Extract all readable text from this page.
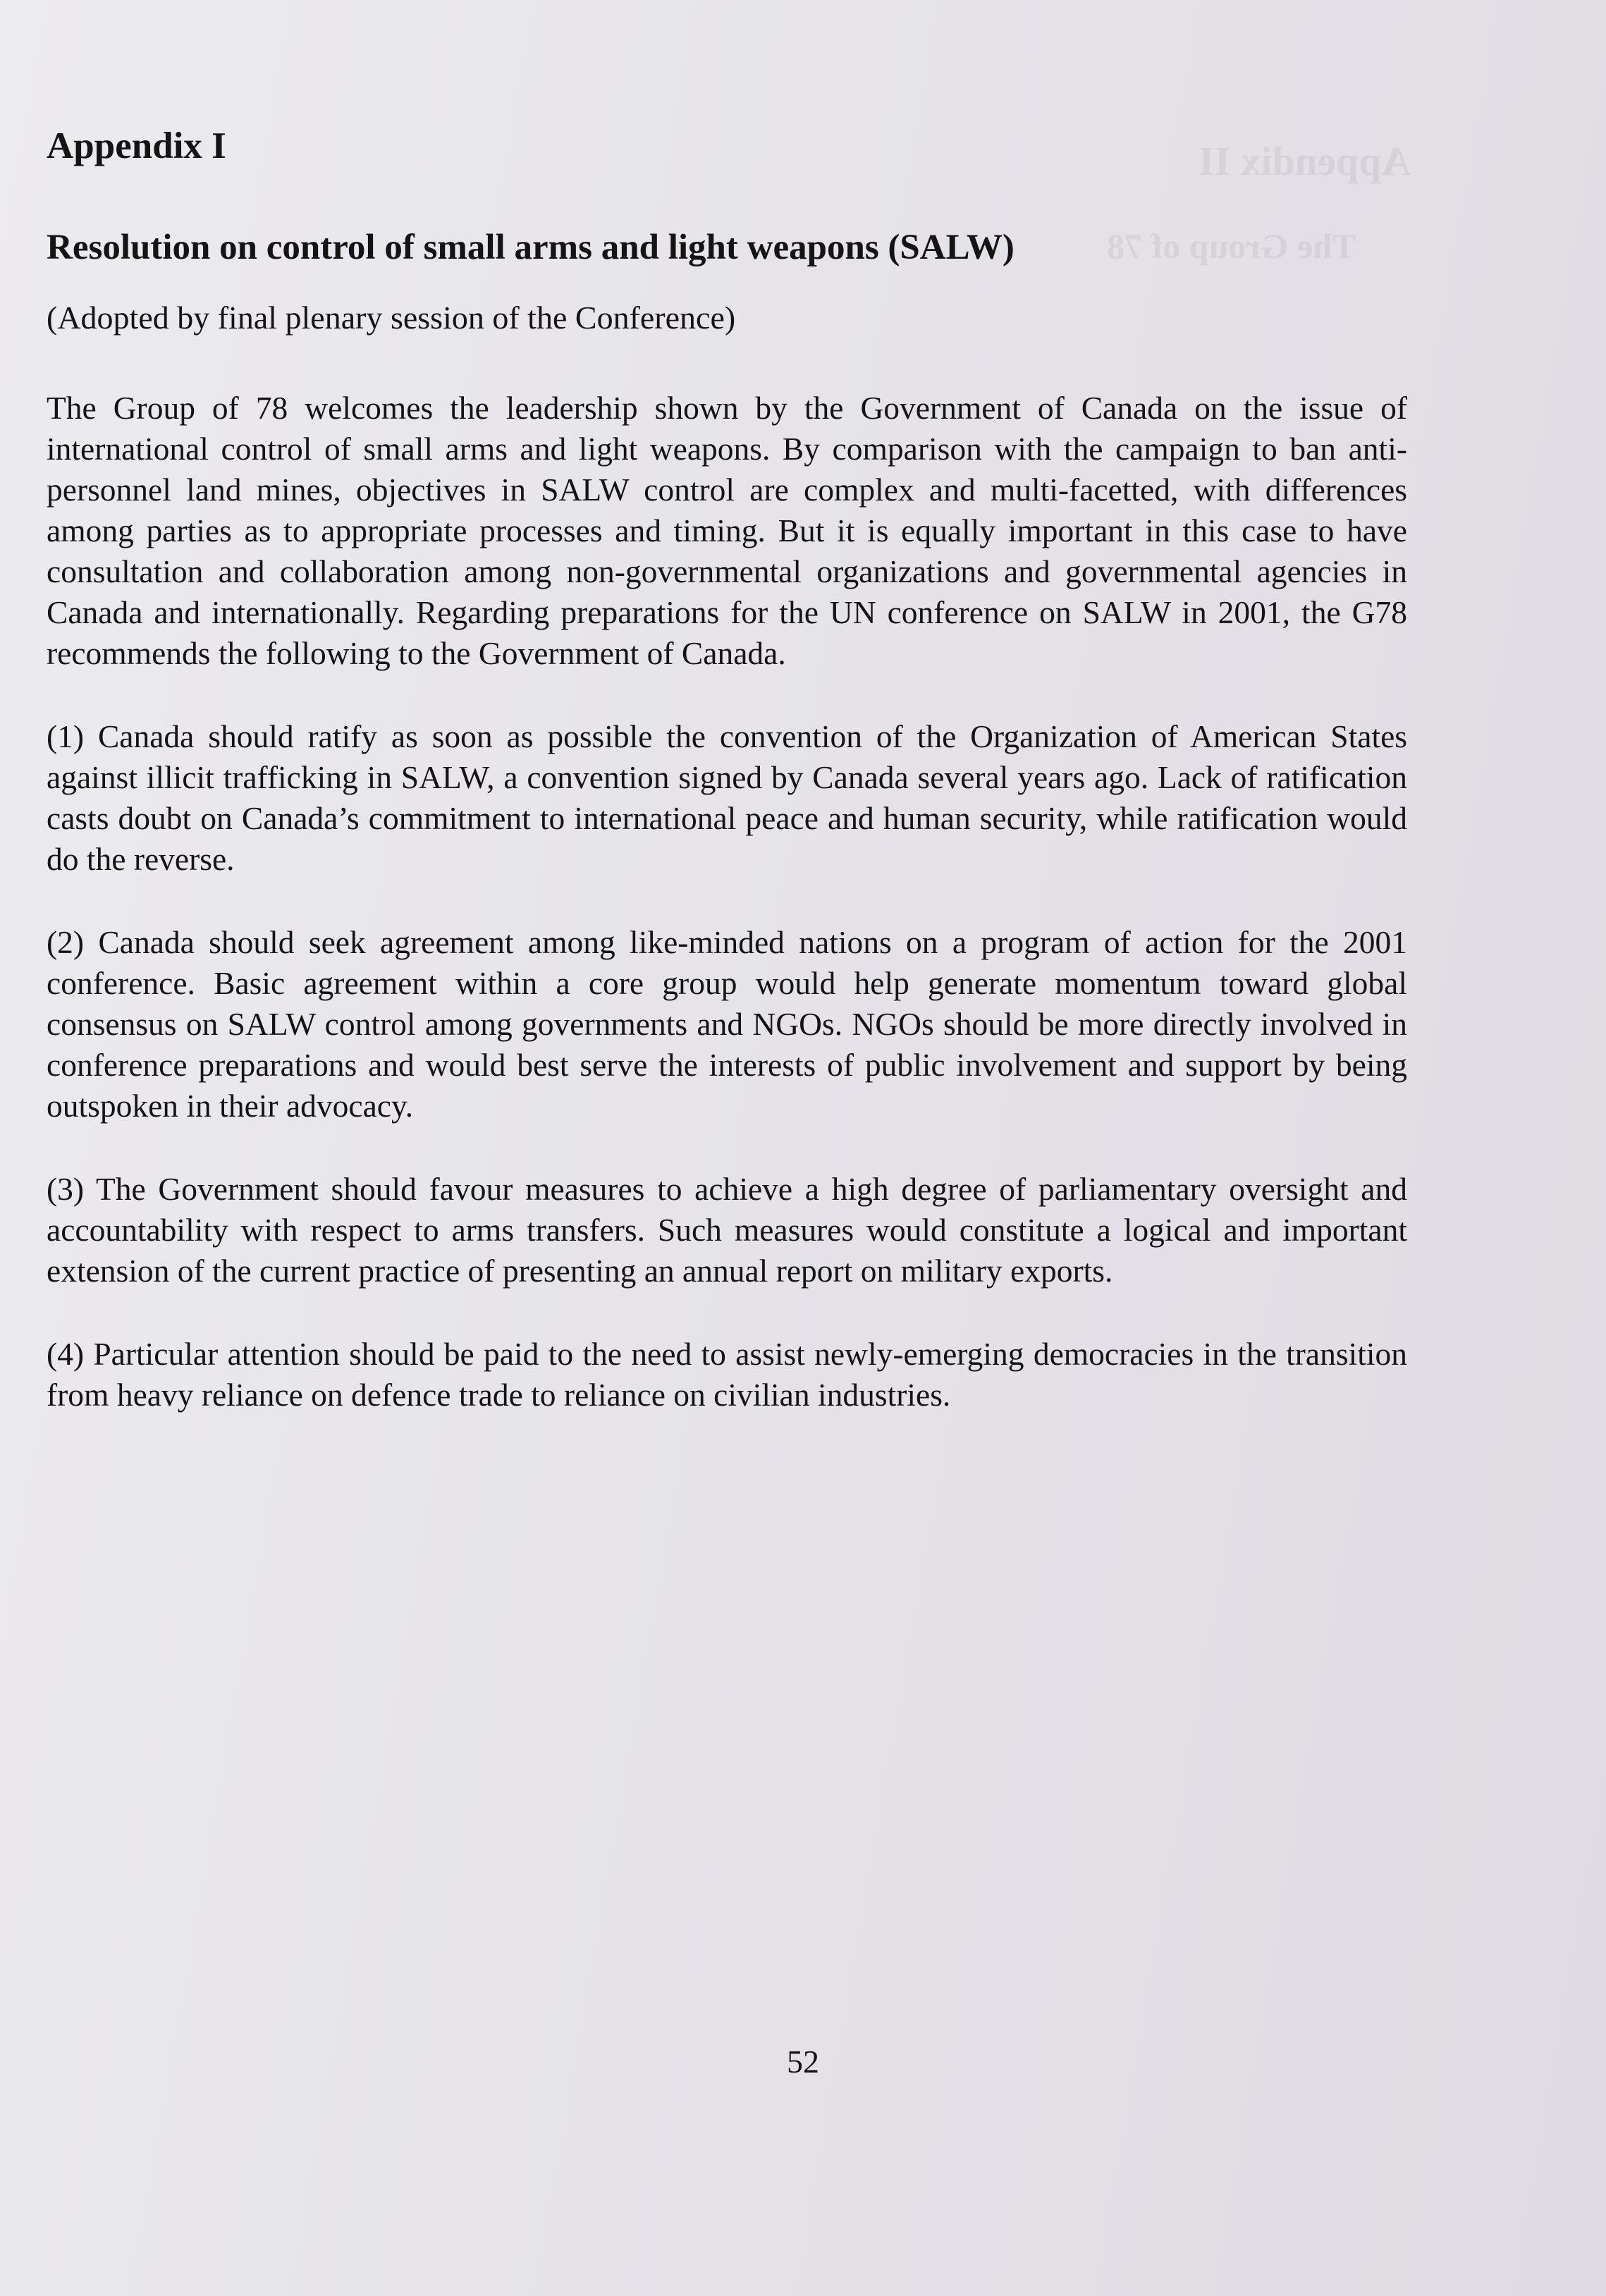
Appendix II
The Group of 78
Appendix I
Resolution on control of small arms and light weapons (SALW)

(Adopted by final plenary session of the Conference)

The Group of 78 welcomes the leadership shown by the Government of Canada on the issue of international control of small arms and light weapons. By comparison with the campaign to ban anti-personnel land mines, objectives in SALW control are complex and multi-facetted, with differences among parties as to appropriate processes and timing. But it is equally important in this case to have consultation and collaboration among non-governmental organizations and governmental agencies in Canada and internationally. Regarding preparations for the UN conference on SALW in 2001, the G78 recommends the following to the Government of Canada.

(1) Canada should ratify as soon as possible the convention of the Organization of American States against illicit trafficking in SALW, a convention signed by Canada several years ago. Lack of ratification casts doubt on Canada’s commitment to international peace and human security, while ratification would do the reverse.

(2) Canada should seek agreement among like-minded nations on a program of action for the 2001 conference. Basic agreement within a core group would help generate momentum toward global consensus on SALW control among governments and NGOs. NGOs should be more directly involved in conference preparations and would best serve the interests of public involvement and support by being outspoken in their advocacy.

(3) The Government should favour measures to achieve a high degree of parliamentary oversight and accountability with respect to arms transfers. Such measures would constitute a logical and important extension of the current practice of presenting an annual report on military exports.

(4) Particular attention should be paid to the need to assist newly-emerging democracies in the transition from heavy reliance on defence trade to reliance on civilian industries.

52
